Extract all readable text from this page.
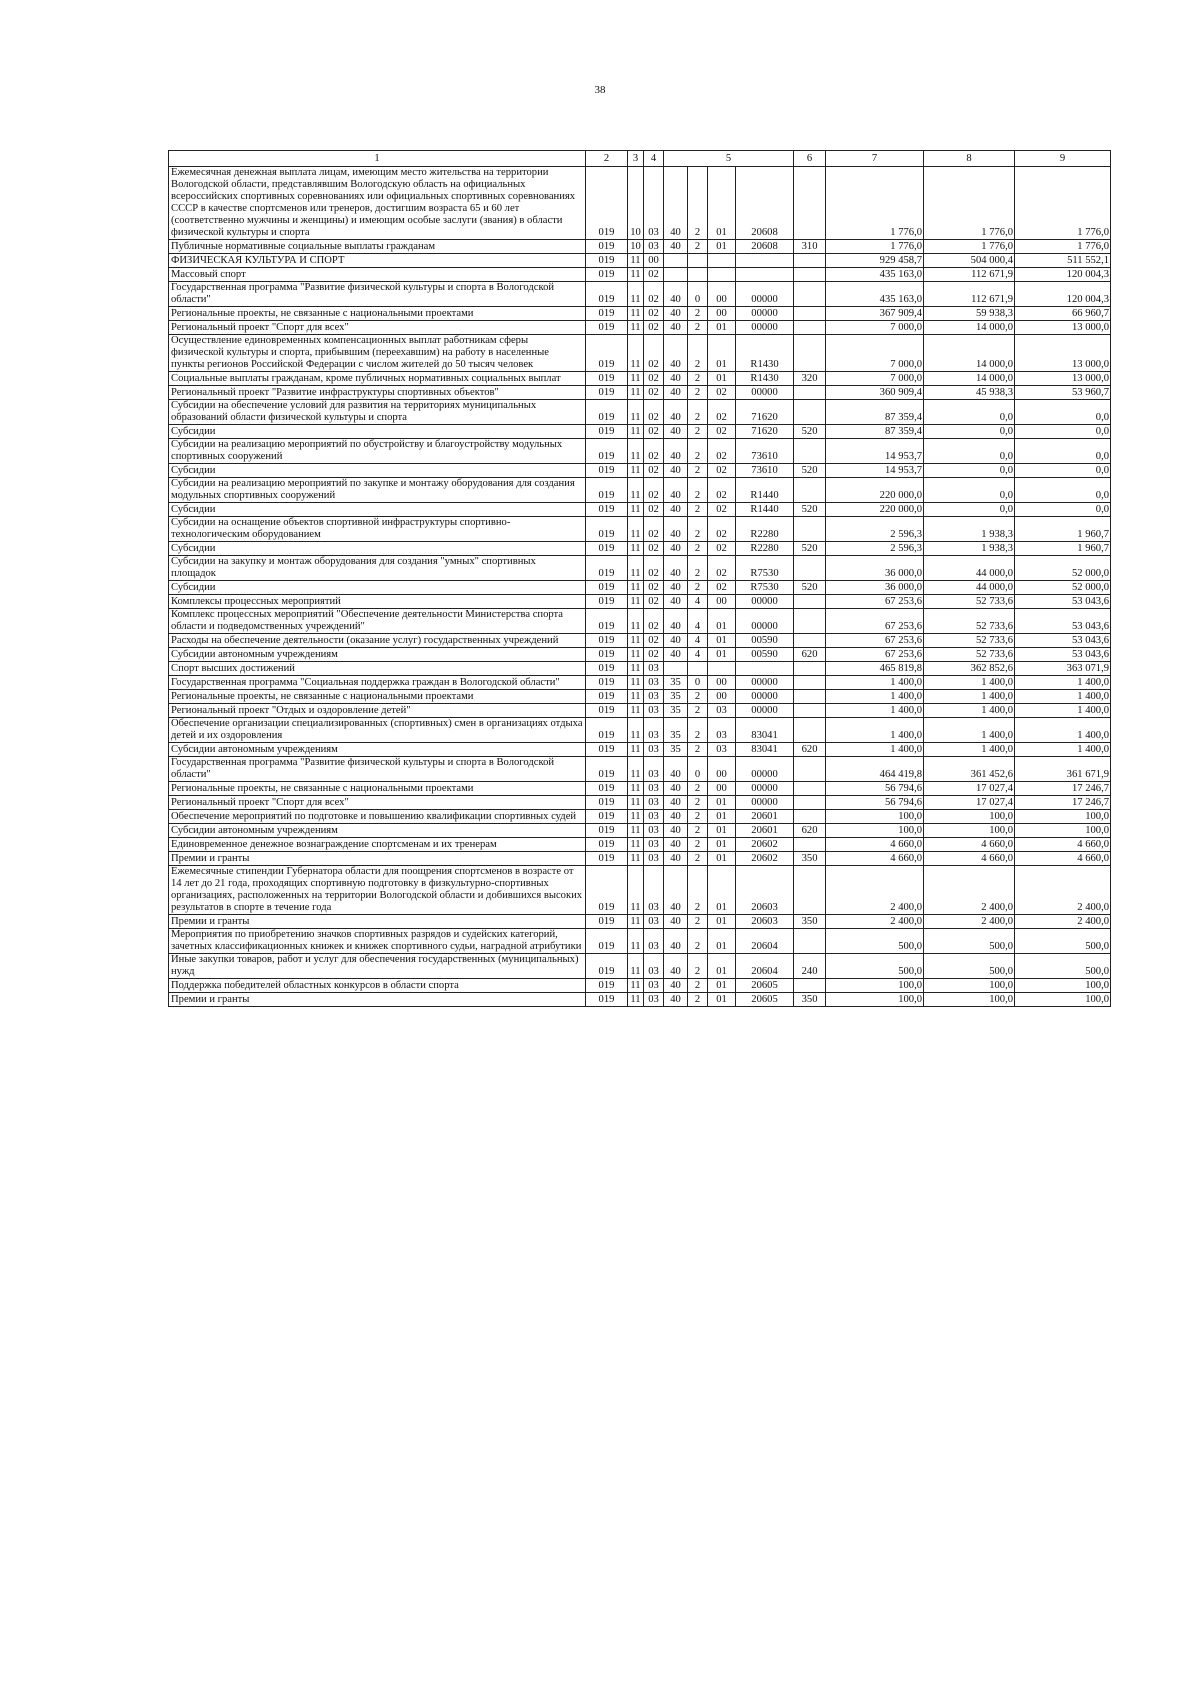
38
1	2	3	4	5				6	7	8	9
Ежемесячная денежная выплата лицам, имеющим место жительства на территории Вологодской области, представлявшим Вологодскую область на официальных всероссийских спортивных соревнованиях или официальных спортивных соревнованиях СССР в качестве спортсменов или тренеров, достигшим возраста 65 и 60 лет (соответственно мужчины и женщины) и имеющим особые заслуги (звания) в области физической культуры и спорта	019	10	03	40	2	01	20608		1 776,0	1 776,0	1 776,0
Публичные нормативные социальные выплаты гражданам	019	10	03	40	2	01	20608	310	1 776,0	1 776,0	1 776,0
ФИЗИЧЕСКАЯ КУЛЬТУРА И СПОРТ	019	11	00						929 458,7	504 000,4	511 552,1
Массовый спорт	019	11	02						435 163,0	112 671,9	120 004,3
Государственная программа "Развитие физической культуры и спорта в Вологодской области"	019	11	02	40	0	00	00000		435 163,0	112 671,9	120 004,3
Региональные проекты, не связанные с национальными проектами	019	11	02	40	2	00	00000		367 909,4	59 938,3	66 960,7
Региональный проект "Спорт для всех"	019	11	02	40	2	01	00000		7 000,0	14 000,0	13 000,0
Осуществление единовременных компенсационных выплат работникам сферы физической культуры и спорта, прибывшим (переехавшим) на работу в населенные пункты регионов Российской Федерации с числом жителей до 50 тысяч человек	019	11	02	40	2	01	R1430		7 000,0	14 000,0	13 000,0
Социальные выплаты гражданам, кроме публичных нормативных социальных выплат	019	11	02	40	2	01	R1430	320	7 000,0	14 000,0	13 000,0
Региональный проект "Развитие инфраструктуры спортивных объектов"	019	11	02	40	2	02	00000		360 909,4	45 938,3	53 960,7
Субсидии на обеспечение условий для развития на территориях муниципальных образований области физической культуры и спорта	019	11	02	40	2	02	71620		87 359,4	0,0	0,0
Субсидии	019	11	02	40	2	02	71620	520	87 359,4	0,0	0,0
Субсидии на реализацию мероприятий по обустройству и благоустройству модульных спортивных сооружений	019	11	02	40	2	02	73610		14 953,7	0,0	0,0
Субсидии	019	11	02	40	2	02	73610	520	14 953,7	0,0	0,0
Субсидии на реализацию мероприятий по закупке и монтажу оборудования для создания модульных спортивных сооружений	019	11	02	40	2	02	R1440		220 000,0	0,0	0,0
Субсидии	019	11	02	40	2	02	R1440	520	220 000,0	0,0	0,0
Субсидии на оснащение объектов спортивной инфраструктуры спортивно-технологическим оборудованием	019	11	02	40	2	02	R2280		2 596,3	1 938,3	1 960,7
Субсидии	019	11	02	40	2	02	R2280	520	2 596,3	1 938,3	1 960,7
Субсидии на закупку и монтаж оборудования для создания "умных" спортивных площадок	019	11	02	40	2	02	R7530		36 000,0	44 000,0	52 000,0
Субсидии	019	11	02	40	2	02	R7530	520	36 000,0	44 000,0	52 000,0
Комплексы процессных мероприятий	019	11	02	40	4	00	00000		67 253,6	52 733,6	53 043,6
Комплекс процессных мероприятий "Обеспечение деятельности Министерства спорта области и подведомственных учреждений"	019	11	02	40	4	01	00000		67 253,6	52 733,6	53 043,6
Расходы на обеспечение деятельности (оказание услуг) государственных учреждений	019	11	02	40	4	01	00590		67 253,6	52 733,6	53 043,6
Субсидии автономным учреждениям	019	11	02	40	4	01	00590	620	67 253,6	52 733,6	53 043,6
Спорт высших достижений	019	11	03						465 819,8	362 852,6	363 071,9
Государственная программа "Социальная поддержка граждан в Вологодской области"	019	11	03	35	0	00	00000		1 400,0	1 400,0	1 400,0
Региональные проекты, не связанные с национальными проектами	019	11	03	35	2	00	00000		1 400,0	1 400,0	1 400,0
Региональный проект "Отдых и оздоровление детей"	019	11	03	35	2	03	00000		1 400,0	1 400,0	1 400,0
Обеспечение организации специализированных (спортивных) смен в организациях отдыха детей и их оздоровления	019	11	03	35	2	03	83041		1 400,0	1 400,0	1 400,0
Субсидии автономным учреждениям	019	11	03	35	2	03	83041	620	1 400,0	1 400,0	1 400,0
Государственная программа "Развитие физической культуры и спорта в Вологодской области"	019	11	03	40	0	00	00000		464 419,8	361 452,6	361 671,9
Региональные проекты, не связанные с национальными проектами	019	11	03	40	2	00	00000		56 794,6	17 027,4	17 246,7
Региональный проект "Спорт для всех"	019	11	03	40	2	01	00000		56 794,6	17 027,4	17 246,7
Обеспечение мероприятий по подготовке и повышению квалификации спортивных судей	019	11	03	40	2	01	20601		100,0	100,0	100,0
Субсидии автономным учреждениям	019	11	03	40	2	01	20601	620	100,0	100,0	100,0
Единовременное денежное вознаграждение спортсменам и их тренерам	019	11	03	40	2	01	20602		4 660,0	4 660,0	4 660,0
Премии и гранты	019	11	03	40	2	01	20602	350	4 660,0	4 660,0	4 660,0
Ежемесячные стипендии Губернатора области для поощрения спортсменов в возрасте от 14 лет до 21 года, проходящих спортивную подготовку в физкультурно-спортивных организациях, расположенных на территории Вологодской области и добившихся высоких результатов в спорте в течение года	019	11	03	40	2	01	20603		2 400,0	2 400,0	2 400,0
Премии и гранты	019	11	03	40	2	01	20603	350	2 400,0	2 400,0	2 400,0
Мероприятия по приобретению значков спортивных разрядов и судейских категорий, зачетных классификационных книжек и книжек спортивного судьи, наградной атрибутики	019	11	03	40	2	01	20604		500,0	500,0	500,0
Иные закупки товаров, работ и услуг для обеспечения государственных (муниципальных) нужд	019	11	03	40	2	01	20604	240	500,0	500,0	500,0
Поддержка победителей областных конкурсов в области спорта	019	11	03	40	2	01	20605		100,0	100,0	100,0
Премии и гранты	019	11	03	40	2	01	20605	350	100,0	100,0	100,0
